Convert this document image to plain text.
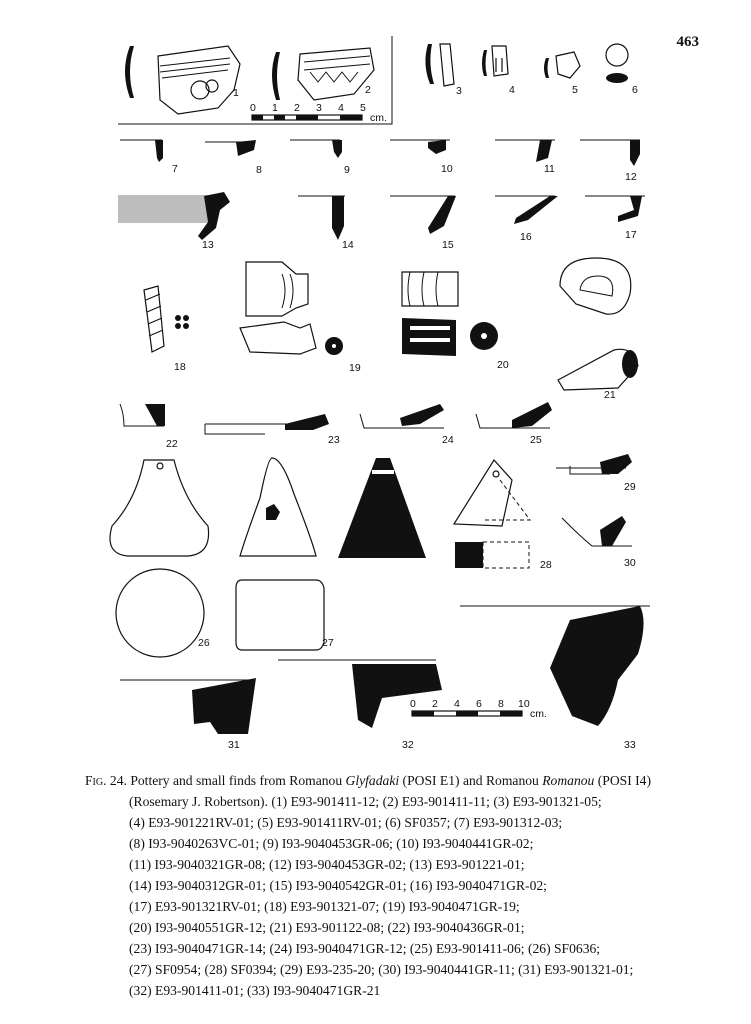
463
1	2	3	4	5	6
7	8	9	10	11
12
13	14	15
16	17
18	19	20
21
22	23	24	25
26	27
28
29
30
31	32	33
0 1 2 3 4 5
cm.
0 2 4 6 8 10
cm.
Fig. 24. Pottery and small finds from Romanou Glyfadaki (POSI E1) and Romanou Romanou (POSI I4)
(Rosemary J. Robertson). (1) E93-901411-12; (2) E93-901411-11; (3) E93-901321-05;
(4) E93-901221RV-01; (5) E93-901411RV-01; (6) SF0357; (7) E93-901312-03;
(8) I93-9040263VC-01; (9) I93-9040453GR-06; (10) I93-9040441GR-02;
(11) I93-9040321GR-08; (12) I93-9040453GR-02; (13) E93-901221-01;
(14) I93-9040312GR-01; (15) I93-9040542GR-01; (16) I93-9040471GR-02;
(17) E93-901321RV-01; (18) E93-901321-07; (19) I93-9040471GR-19;
(20) I93-9040551GR-12; (21) E93-901122-08; (22) I93-9040436GR-01;
(23) I93-9040471GR-14; (24) I93-9040471GR-12; (25) E93-901411-06; (26) SF0636;
(27) SF0954; (28) SF0394; (29) E93-235-20; (30) I93-9040441GR-11; (31) E93-901321-01;
(32) E93-901411-01; (33) I93-9040471GR-21
